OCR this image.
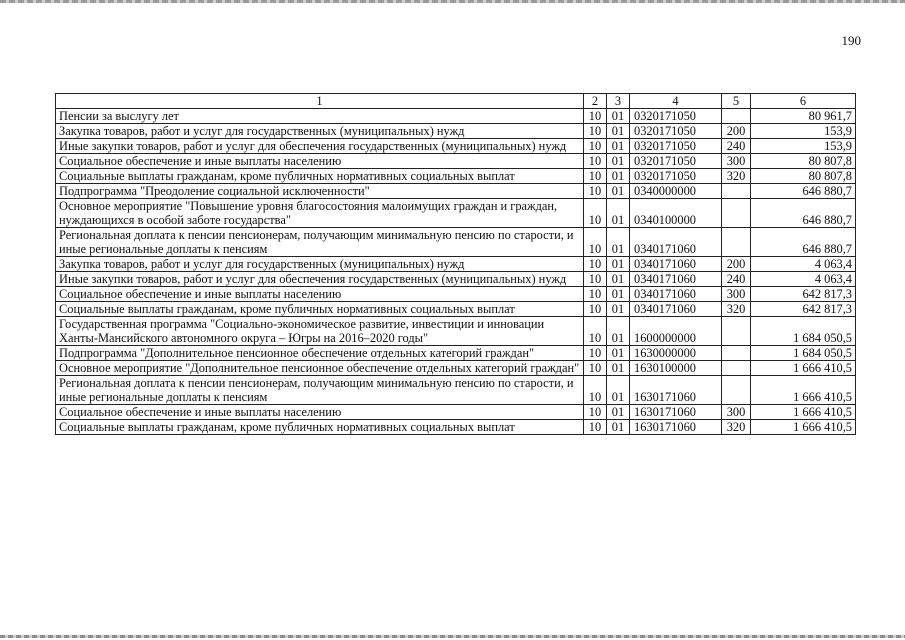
190
1	2	3	4	5	6
Пенсии за выслугу лет	10	01	0320171050		80 961,7
Закупка товаров, работ и услуг для государственных (муниципальных) нужд	10	01	0320171050	200	153,9
Иные закупки товаров, работ и услуг для обеспечения государственных (муниципальных) нужд	10	01	0320171050	240	153,9
Социальное обеспечение и иные выплаты населению	10	01	0320171050	300	80 807,8
Социальные выплаты гражданам, кроме публичных нормативных социальных выплат	10	01	0320171050	320	80 807,8
Подпрограмма "Преодоление социальной исключенности"	10	01	0340000000		646 880,7
Основное мероприятие "Повышение уровня благосостояния малоимущих граждан и граждан, нуждающихся в особой заботе государства"	10	01	0340100000		646 880,7
Региональная доплата к пенсии пенсионерам, получающим минимальную пенсию по старости, и иные региональные доплаты к пенсиям	10	01	0340171060		646 880,7
Закупка товаров, работ и услуг для государственных (муниципальных) нужд	10	01	0340171060	200	4 063,4
Иные закупки товаров, работ и услуг для обеспечения государственных (муниципальных) нужд	10	01	0340171060	240	4 063,4
Социальное обеспечение и иные выплаты населению	10	01	0340171060	300	642 817,3
Социальные выплаты гражданам, кроме публичных нормативных социальных выплат	10	01	0340171060	320	642 817,3
Государственная программа "Социально-экономическое развитие, инвестиции и инновации Ханты-Мансийского автономного округа – Югры на 2016–2020 годы"	10	01	1600000000		1 684 050,5
Подпрограмма "Дополнительное пенсионное обеспечение отдельных категорий граждан"	10	01	1630000000		1 684 050,5
Основное мероприятие "Дополнительное пенсионное обеспечение отдельных категорий граждан"	10	01	1630100000		1 666 410,5
Региональная доплата к пенсии пенсионерам, получающим минимальную пенсию по старости, и иные региональные доплаты к пенсиям	10	01	1630171060		1 666 410,5
Социальное обеспечение и иные выплаты населению	10	01	1630171060	300	1 666 410,5
Социальные выплаты гражданам, кроме публичных нормативных социальных выплат	10	01	1630171060	320	1 666 410,5
